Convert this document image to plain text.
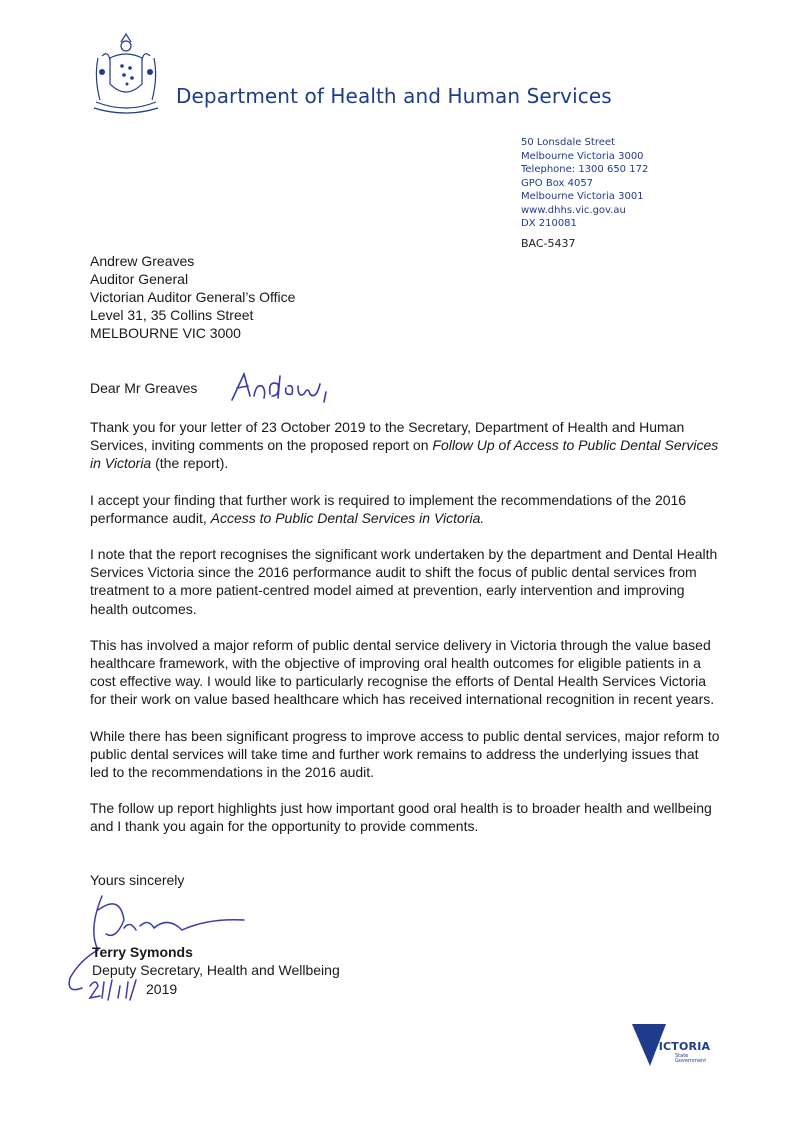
Department of Health and Human Services
50 Lonsdale Street
Melbourne Victoria 3000
Telephone: 1300 650 172
GPO Box 4057
Melbourne Victoria 3001
www.dhhs.vic.gov.au
DX 210081
BAC-5437
Andrew Greaves
Auditor General
Victorian Auditor General’s Office
Level 31, 35 Collins Street
MELBOURNE VIC 3000
Dear Mr Greaves

Thank you for your letter of 23 October 2019 to the Secretary, Department of Health and Human Services, inviting comments on the proposed report on Follow Up of Access to Public Dental Services in Victoria (the report).

I accept your finding that further work is required to implement the recommendations of the 2016 performance audit, Access to Public Dental Services in Victoria.

I note that the report recognises the significant work undertaken by the department and Dental Health Services Victoria since the 2016 performance audit to shift the focus of public dental services from treatment to a more patient-centred model aimed at prevention, early intervention and improving health outcomes.

This has involved a major reform of public dental service delivery in Victoria through the value based healthcare framework, with the objective of improving oral health outcomes for eligible patients in a cost effective way. I would like to particularly recognise the efforts of Dental Health Services Victoria for their work on value based healthcare which has received international recognition in recent years.

While there has been significant progress to improve access to public dental services, major reform to public dental services will take time and further work remains to address the underlying issues that led to the recommendations in the 2016 audit.

The follow up report highlights just how important good oral health is to broader health and wellbeing and I thank you again for the opportunity to provide comments.

Yours sincerely
Terry Symonds
Deputy Secretary, Health and Wellbeing
2019
VICTORIA
State
Government
